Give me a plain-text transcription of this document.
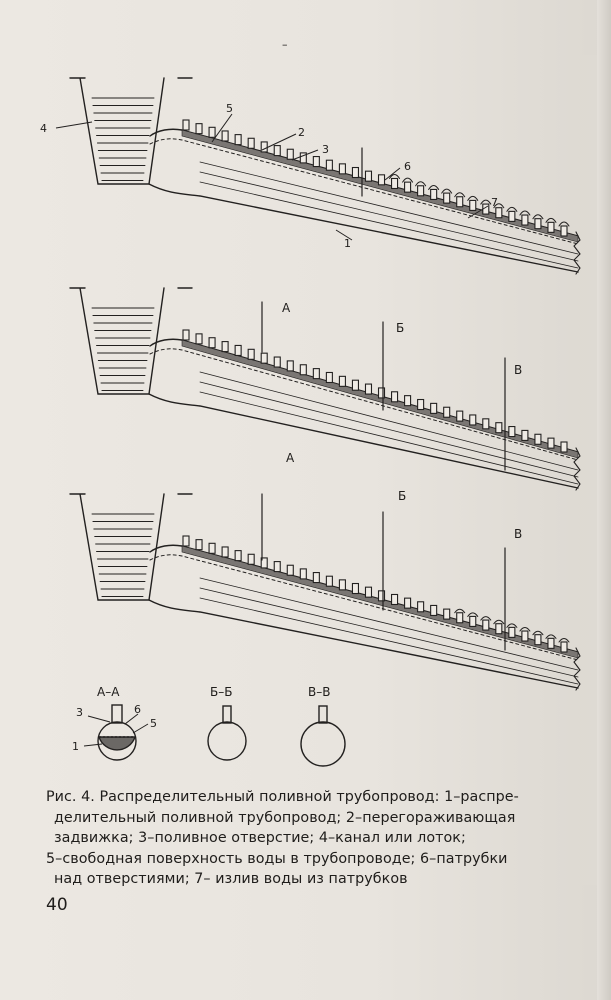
–
4
5
2
3
6
7
1
А
Б
В
А
Б
В
А–А	Б–Б	В–В
3	6
5
1
Рис. 4. Распределительный поливной трубопровод: 1–распре-
делительный поливной трубопровод; 2–перегораживающая
задвижка; 3–поливное отверстие; 4–канал или лоток;
5–свободная поверхность воды в трубопроводе; 6–патрубки
над отверстиями; 7– излив воды из патрубков
40
